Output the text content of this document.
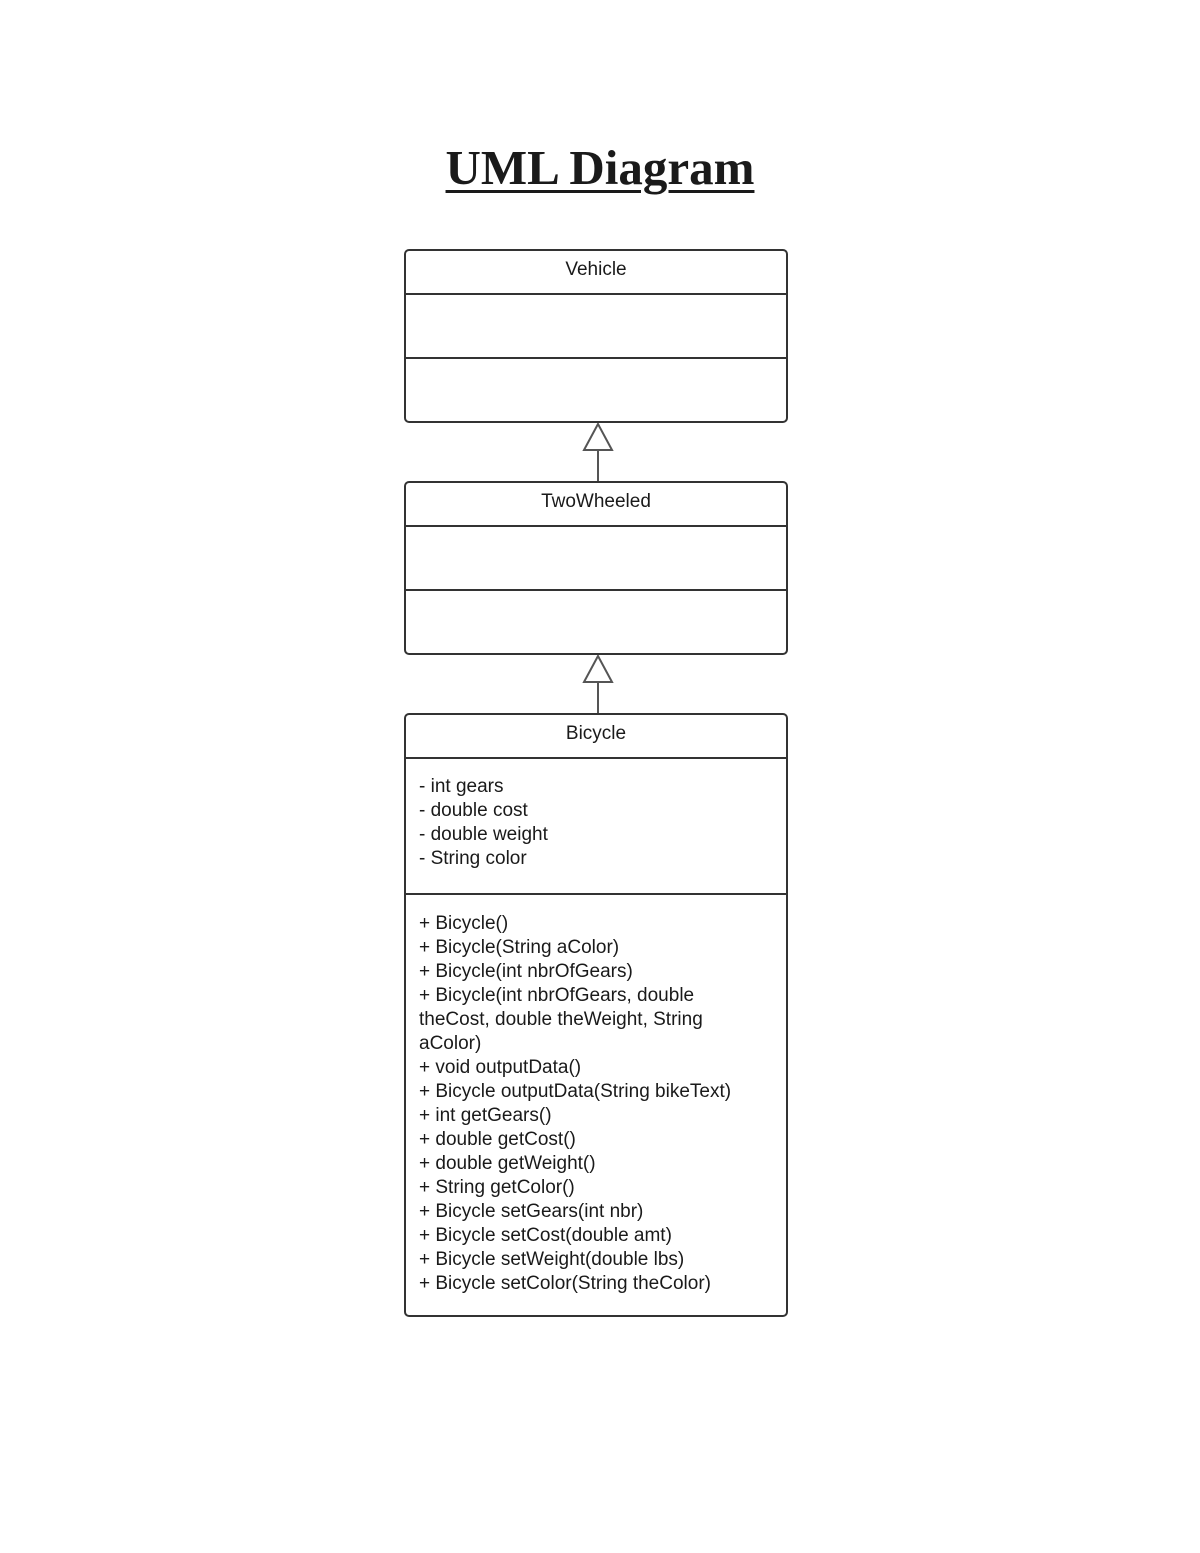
UML Diagram
Vehicle
TwoWheeled
Bicycle
- int gears
- double cost
- double weight
- String color
+ Bicycle()
+ Bicycle(String aColor)
+ Bicycle(int nbrOfGears)
+ Bicycle(int nbrOfGears, double theCost, double theWeight, String aColor)
+ void outputData()
+ Bicycle outputData(String bikeText)
+ int getGears()
+ double getCost()
+ double getWeight()
+ String getColor()
+ Bicycle setGears(int nbr)
+ Bicycle setCost(double amt)
+ Bicycle setWeight(double lbs)
+ Bicycle setColor(String theColor)
